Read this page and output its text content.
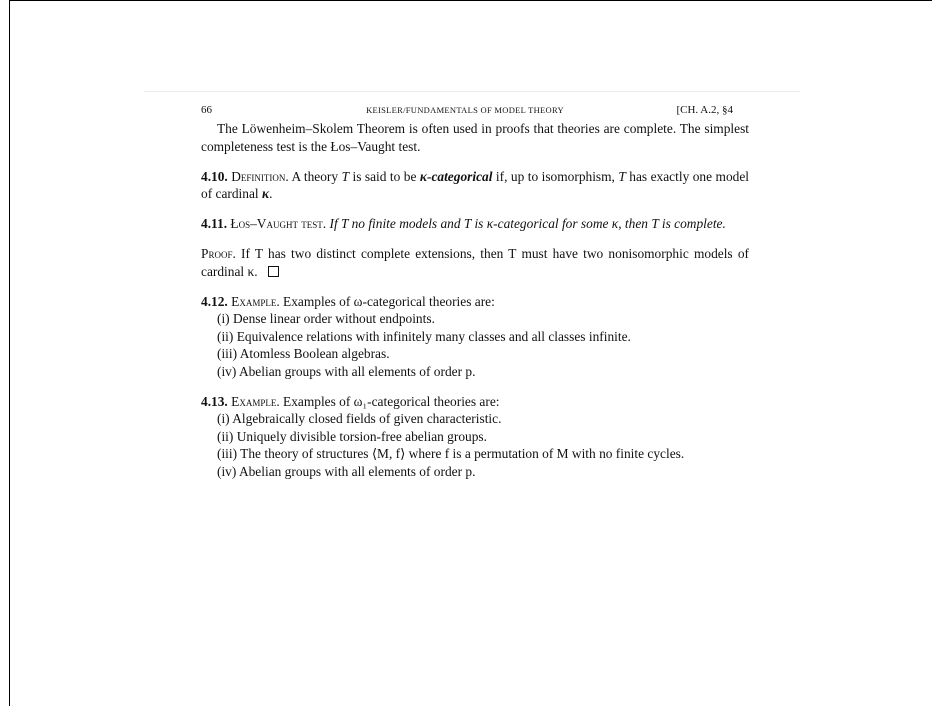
66	KEISLER/FUNDAMENTALS OF MODEL THEORY	[CH. A.2, §4

The Löwenheim–Skolem Theorem is often used in proofs that theories are complete. The simplest completeness test is the Łos–Vaught test.

4.10. Definition. A theory T is said to be κ-categorical if, up to isomorphism, T has exactly one model of cardinal κ.

4.11. Łos–Vaught test. If T no finite models and T is κ-categorical for some κ, then T is complete.

Proof. If T has two distinct complete extensions, then T must have two nonisomorphic models of cardinal κ.

4.12. Example. Examples of ω-categorical theories are:

(i) Dense linear order without endpoints.

(ii) Equivalence relations with infinitely many classes and all classes infinite.

(iii) Atomless Boolean algebras.

(iv) Abelian groups with all elements of order p.

4.13. Example. Examples of ω₁-categorical theories are:

(i) Algebraically closed fields of given characteristic.

(ii) Uniquely divisible torsion-free abelian groups.

(iii) The theory of structures ⟨M, f⟩ where f is a permutation of M with no finite cycles.

(iv) Abelian groups with all elements of order p.
